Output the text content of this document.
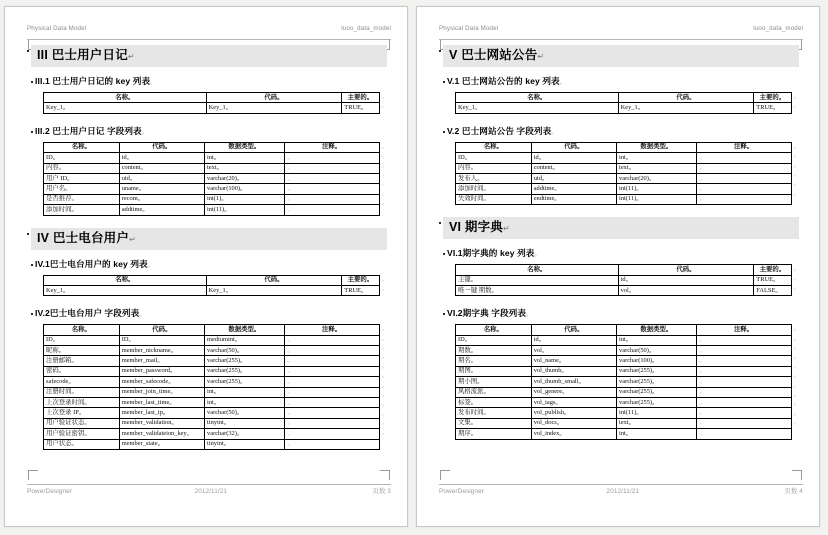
Physical Data Model	luoo_data_model
III 巴士用户日记↵
III.1 巴士用户日记的 key 列表。
名称。	代码。	主要的。
Key_1。	Key_1。	TRUE。
。
。
III.2 巴士用户日记 字段列表。
名称。	代码。	数据类型。	注释。
ID。	id。	int。	。
内容。	content。	text。	。
用户 ID。	uid。	varchar(20)。	。
用户名。	uname。	varchar(100)。	。
是否推荐。	recom。	int(1)。	。
添加时间。	addtime。	int(11)。	。
。
。
。
。
。
。
。
IV 巴士电台用户↵
IV.1巴士电台用户的 key 列表。
名称。	代码。	主要的。
Key_1。	Key_1。	TRUE。
。
。
IV.2巴士电台用户 字段列表。
名称。	代码。	数据类型。	注释。
ID。	ID。	mediumint。	。
昵称。	member_nickname。	varchar(50)。	。
注册邮箱。	member_mail。	varchar(255)。	。
密码。	member_password。	varchar(255)。	。
safecode。	member_safecode。	varchar(255)。	。
注册时间。	member_join_time。	int。	。
上次登录时间。	member_last_time。	int。	。
上次登录 IP。	member_last_ip。	varchar(50)。	。
用户验证状态。	member_validation。	tinyint。	。
用户验证密钥。	member_validateion_key。	varchar(32)。	。
用户状态。	member_state。	tinyint。	。
。
。
。
。
。
。
。
。
。
。
。
。
PowerDesigner	2012/11/21	页数 3
Physical Data Model	luoo_data_model
V 巴士网站公告↵
V.1 巴士网站公告的 key 列表。
名称。	代码。	主要的。
Key_1。	Key_1。	TRUE。
。
。
V.2 巴士网站公告 字段列表。
名称。	代码。	数据类型。	注释。
ID。	id。	int。	。
内容。	content。	text。	。
发布人。	uid。	varchar(20)。	。
添加时间。	addtime。	int(11)。	。
失效时间。	endtime。	int(11)。	。
。
。
。
。
。
。
VI 期字典↵
VI.1期字典的 key 列表。
名称。	代码。	主要的。
主键。	id。	TRUE。
唯一键 期数。	vol。	FALSE。
。
。
。
VI.2期字典 字段列表。
名称。	代码。	数据类型。	注释。
ID。	id。	int。	。
期数。	vol。	varchar(50)。	。
期名。	vol_name。	varchar(100)。	。
期图。	vol_thumb。	varchar(255)。	。
期小图。	vol_thumb_small。	varchar(255)。	。
风格流派。	vol_genere。	varchar(255)。	。
标签。	vol_tags。	varchar(255)。	。
发布时间。	vol_publish。	int(11)。	。
文集。	vol_docs。	text。	。
期序。	vol_index。	int。	。
。
。
。
。
。
。
。
。
。
。
。
PowerDesigner	2012/11/21	页数 4
